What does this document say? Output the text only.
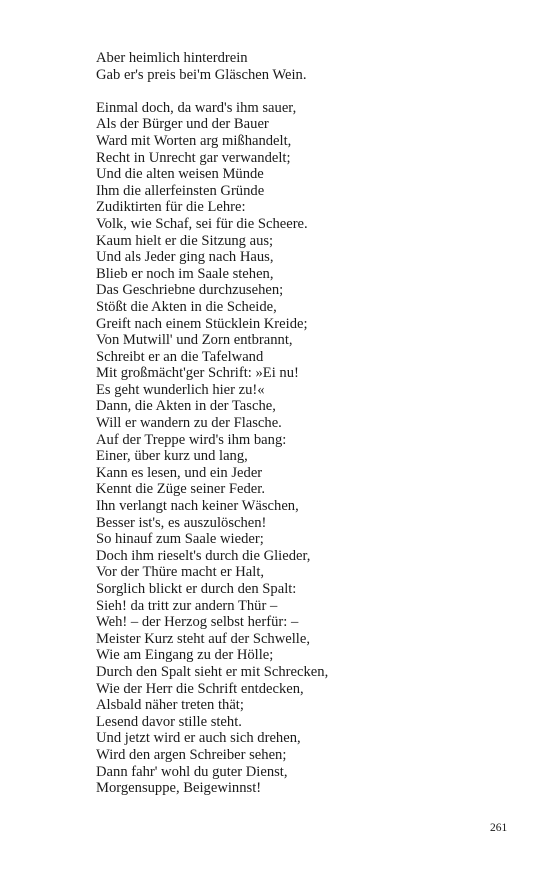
Aber heimlich hinterdrein
Gab er's preis bei'm Gläschen Wein.
Einmal doch, da ward's ihm sauer,
Als der Bürger und der Bauer
Ward mit Worten arg mißhandelt,
Recht in Unrecht gar verwandelt;
Und die alten weisen Münde
Ihm die allerfeinsten Gründe
Zudiktirten für die Lehre:
Volk, wie Schaf, sei für die Scheere.
Kaum hielt er die Sitzung aus;
Und als Jeder ging nach Haus,
Blieb er noch im Saale stehen,
Das Geschriebne durchzusehen;
Stößt die Akten in die Scheide,
Greift nach einem Stücklein Kreide;
Von Mutwill' und Zorn entbrannt,
Schreibt er an die Tafelwand
Mit großmächt'ger Schrift: »Ei nu!
Es geht wunderlich hier zu!«
Dann, die Akten in der Tasche,
Will er wandern zu der Flasche.
Auf der Treppe wird's ihm bang:
Einer, über kurz und lang,
Kann es lesen, und ein Jeder
Kennt die Züge seiner Feder.
Ihn verlangt nach keiner Wäschen,
Besser ist's, es auszulöschen!
So hinauf zum Saale wieder;
Doch ihm rieselt's durch die Glieder,
Vor der Thüre macht er Halt,
Sorglich blickt er durch den Spalt:
Sieh! da tritt zur andern Thür –
Weh! – der Herzog selbst herfür: –
Meister Kurz steht auf der Schwelle,
Wie am Eingang zu der Hölle;
Durch den Spalt sieht er mit Schrecken,
Wie der Herr die Schrift entdecken,
Alsbald näher treten thät;
Lesend davor stille steht.
Und jetzt wird er auch sich drehen,
Wird den argen Schreiber sehen;
Dann fahr' wohl du guter Dienst,
Morgensuppe, Beigewinnst!
261
